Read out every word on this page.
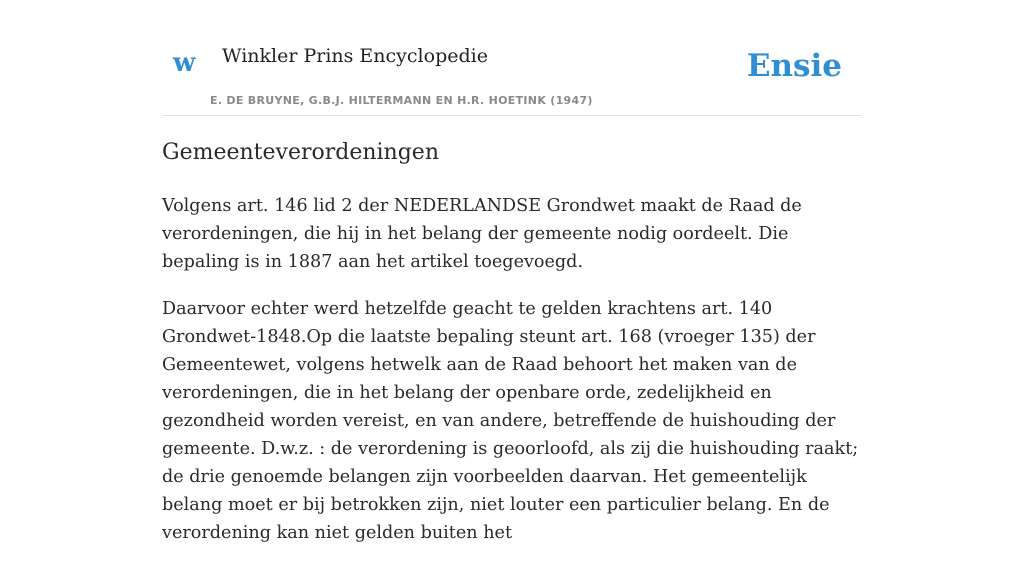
w Winkler Prins Encyclopedie
E. DE BRUYNE, G.B.J. HILTERMANN EN H.R. HOETINK (1947)
Ensie
Gemeenteverordeningen

Volgens art. 146 lid 2 der NEDERLANDSE Grondwet maakt de Raad de verordeningen, die hij in het belang der gemeente nodig oordeelt. Die bepaling is in 1887 aan het artikel toegevoegd.

Daarvoor echter werd hetzelfde geacht te gelden krachtens art. 140 Grondwet-1848.Op die laatste bepaling steunt art. 168 (vroeger 135) der Gemeentewet, volgens hetwelk aan de Raad behoort het maken van de verordeningen, die in het belang der openbare orde, zedelijkheid en gezondheid worden vereist, en van andere, betreffende de huishouding der gemeente. D.w.z. : de verordening is geoorloofd, als zij die huishouding raakt; de drie genoemde belangen zijn voorbeelden daarvan. Het gemeentelijk belang moet er bij betrokken zijn, niet louter een particulier belang. En de verordening kan niet gelden buiten het
